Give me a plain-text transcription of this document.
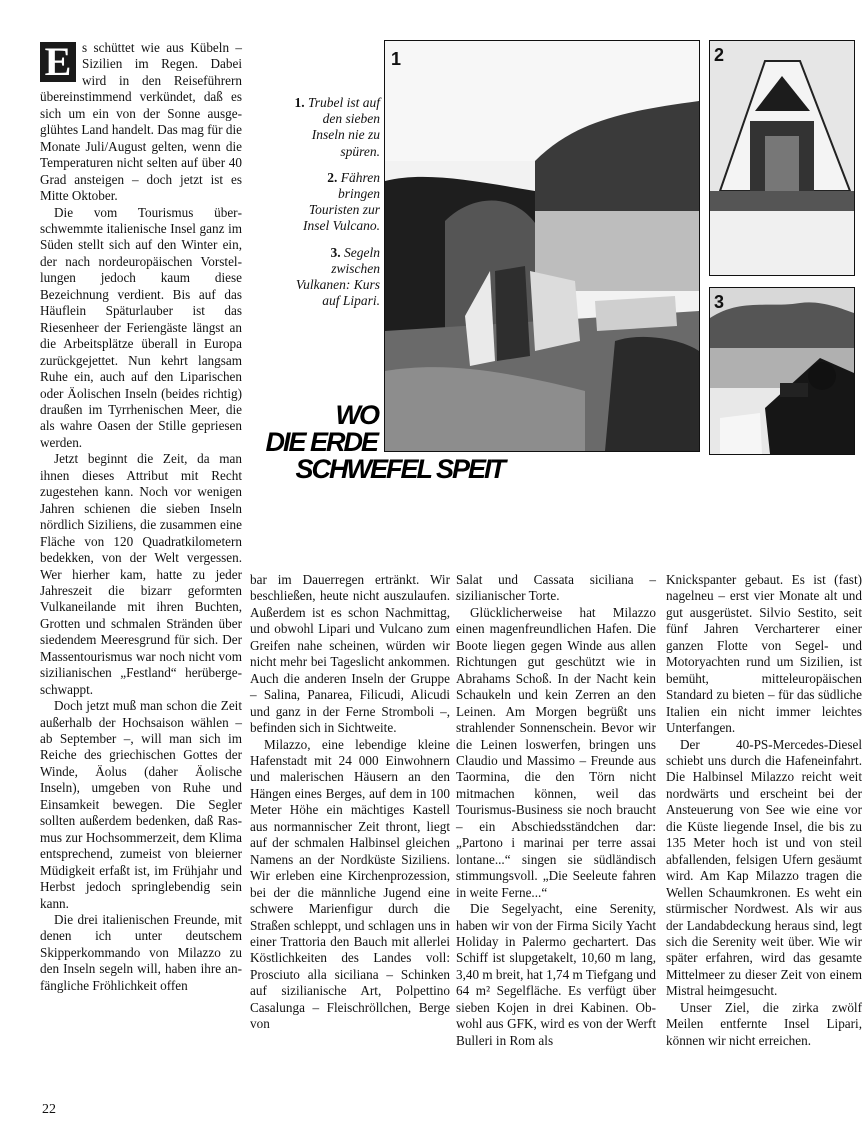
1	2
3
1. Trubel ist auf den sieben Inseln nie zu spüren.
2. Fähren bringen Touristen zur Insel Vulcano.
3. Segeln zwischen Vulkanen: Kurs auf Lipari.
WO
DIE ERDE
SCHWEFEL SPEIT

E s schüttet wie aus Kübeln – Sizilien im Regen. Dabei wird in den Reiseführern übereinstimmend verkündet, daß es sich um ein von der Sonne ausgeglühtes Land handelt. Das mag für die Monate Juli/August gelten, wenn die Temperaturen nicht selten auf über 40 Grad ansteigen – doch jetzt ist es Mitte Oktober.

Die vom Tourismus überschwemmte italienische Insel ganz im Süden stellt sich auf den Winter ein, der nach nordeuropäischen Vorstellungen jedoch kaum diese Bezeichnung verdient. Bis auf das Häuflein Späturlauber ist das Riesenheer der Feriengäste längst an die Arbeitsplätze überall in Europa zurückgejettet. Nun kehrt langsam Ruhe ein, auch auf den Liparischen oder Äolischen Inseln (beides richtig) draußen im Tyrrhenischen Meer, die als wahre Oasen der Stille gepriesen werden.

Jetzt beginnt die Zeit, da man ihnen dieses Attribut mit Recht zugestehen kann. Noch vor wenigen Jahren schienen die sieben Inseln nördlich Siziliens, die zusammen eine Fläche von 120 Quadratkilometern bedekken, von der Welt vergessen. Wer hierher kam, hatte zu jeder Jahreszeit die bizarr geformten Vulkaneilande mit ihren Buchten, Grotten und schmalen Stränden über siedendem Meeresgrund für sich. Der Massentourismus war noch nicht vom sizilianischen „Festland“ herübergeschwappt.

Doch jetzt muß man schon die Zeit außerhalb der Hochsaison wählen – ab September –, will man sich im Reiche des griechischen Gottes der Winde, Äolus (daher Äolische Inseln), umgeben von Ruhe und Einsamkeit bewegen. Die Segler sollten außerdem bedenken, daß Rasmus zur Hochsommerzeit, dem Klima entsprechend, zumeist von bleierner Müdigkeit erfaßt ist, im Frühjahr und Herbst jedoch springlebendig sein kann.

Die drei italienischen Freunde, mit denen ich unter deutschem Skipperkommando von Milazzo zu den Inseln segeln will, haben ihre anfängliche Fröhlichkeit offen

bar im Dauerregen ertränkt. Wir beschließen, heute nicht auszulaufen. Außerdem ist es schon Nachmittag, und obwohl Lipari und Vulcano zum Greifen nahe scheinen, würden wir nicht mehr bei Tageslicht ankommen. Auch die anderen Inseln der Gruppe – Salina, Panarea, Filicudi, Alicudi und ganz in der Ferne Stromboli –, befinden sich in Sichtweite.

Milazzo, eine lebendige kleine Hafenstadt mit 24 000 Einwohnern und malerischen Häusern an den Hängen eines Berges, auf dem in 100 Meter Höhe ein mächtiges Kastell aus normannischer Zeit thront, liegt auf der schmalen Halbinsel gleichen Namens an der Nordküste Siziliens. Wir erleben eine Kirchenprozession, bei der die männliche Jugend eine schwere Marienfigur durch die Straßen schleppt, und schlagen uns in einer Trattoria den Bauch mit allerlei Köstlichkeiten des Landes voll: Prosciuto alla siciliana – Schinken auf sizilianische Art, Polpettino Casalunga – Fleischröllchen, Berge von

Salat und Cassata siciliana – sizilianischer Torte.

Glücklicherweise hat Milazzo einen magenfreundlichen Hafen. Die Boote liegen gegen Winde aus allen Richtungen gut geschützt wie in Abrahams Schoß. In der Nacht kein Schaukeln und kein Zerren an den Leinen. Am Morgen begrüßt uns strahlender Sonnenschein. Bevor wir die Leinen loswerfen, bringen uns Claudio und Massimo – Freunde aus Taormina, die den Törn nicht mitmachen können, weil das Tourismus-Business sie noch braucht – ein Abschiedsständchen dar: „Partono i marinai per terre assai lontane...“ singen sie südländisch stimmungsvoll. „Die Seeleute fahren in weite Ferne...“

Die Segelyacht, eine Serenity, haben wir von der Firma Sicily Yacht Holiday in Palermo gechartert. Das Schiff ist slupgetakelt, 10,60 m lang, 3,40 m breit, hat 1,74 m Tiefgang und 64 m² Segelfläche. Es verfügt über sieben Kojen in drei Kabinen. Obwohl aus GFK, wird es von der Werft Bulleri in Rom als

Knickspanter gebaut. Es ist (fast) nagelneu – erst vier Monate alt und gut ausgerüstet. Silvio Sestito, seit fünf Jahren Vercharterer einer ganzen Flotte von Segel- und Motoryachten rund um Sizilien, ist bemüht, mitteleuropäischen Standard zu bieten – für das südliche Italien ein nicht immer leichtes Unterfangen.

Der 40-PS-Mercedes-Diesel schiebt uns durch die Hafeneinfahrt. Die Halbinsel Milazzo reicht weit nordwärts und erscheint bei der Ansteuerung von See wie eine vor die Küste liegende Insel, die bis zu 135 Meter hoch ist und von steil abfallenden, felsigen Ufern gesäumt wird. Am Kap Milazzo tragen die Wellen Schaumkronen. Es weht ein stürmischer Nordwest. Als wir aus der Landabdeckung heraus sind, legt sich die Serenity weit über. Wie wir später erfahren, wird das gesamte Mittelmeer zu dieser Zeit von einem Mistral heimgesucht.

Unser Ziel, die zirka zwölf Meilen entfernte Insel Lipari, können wir nicht erreichen.

22
